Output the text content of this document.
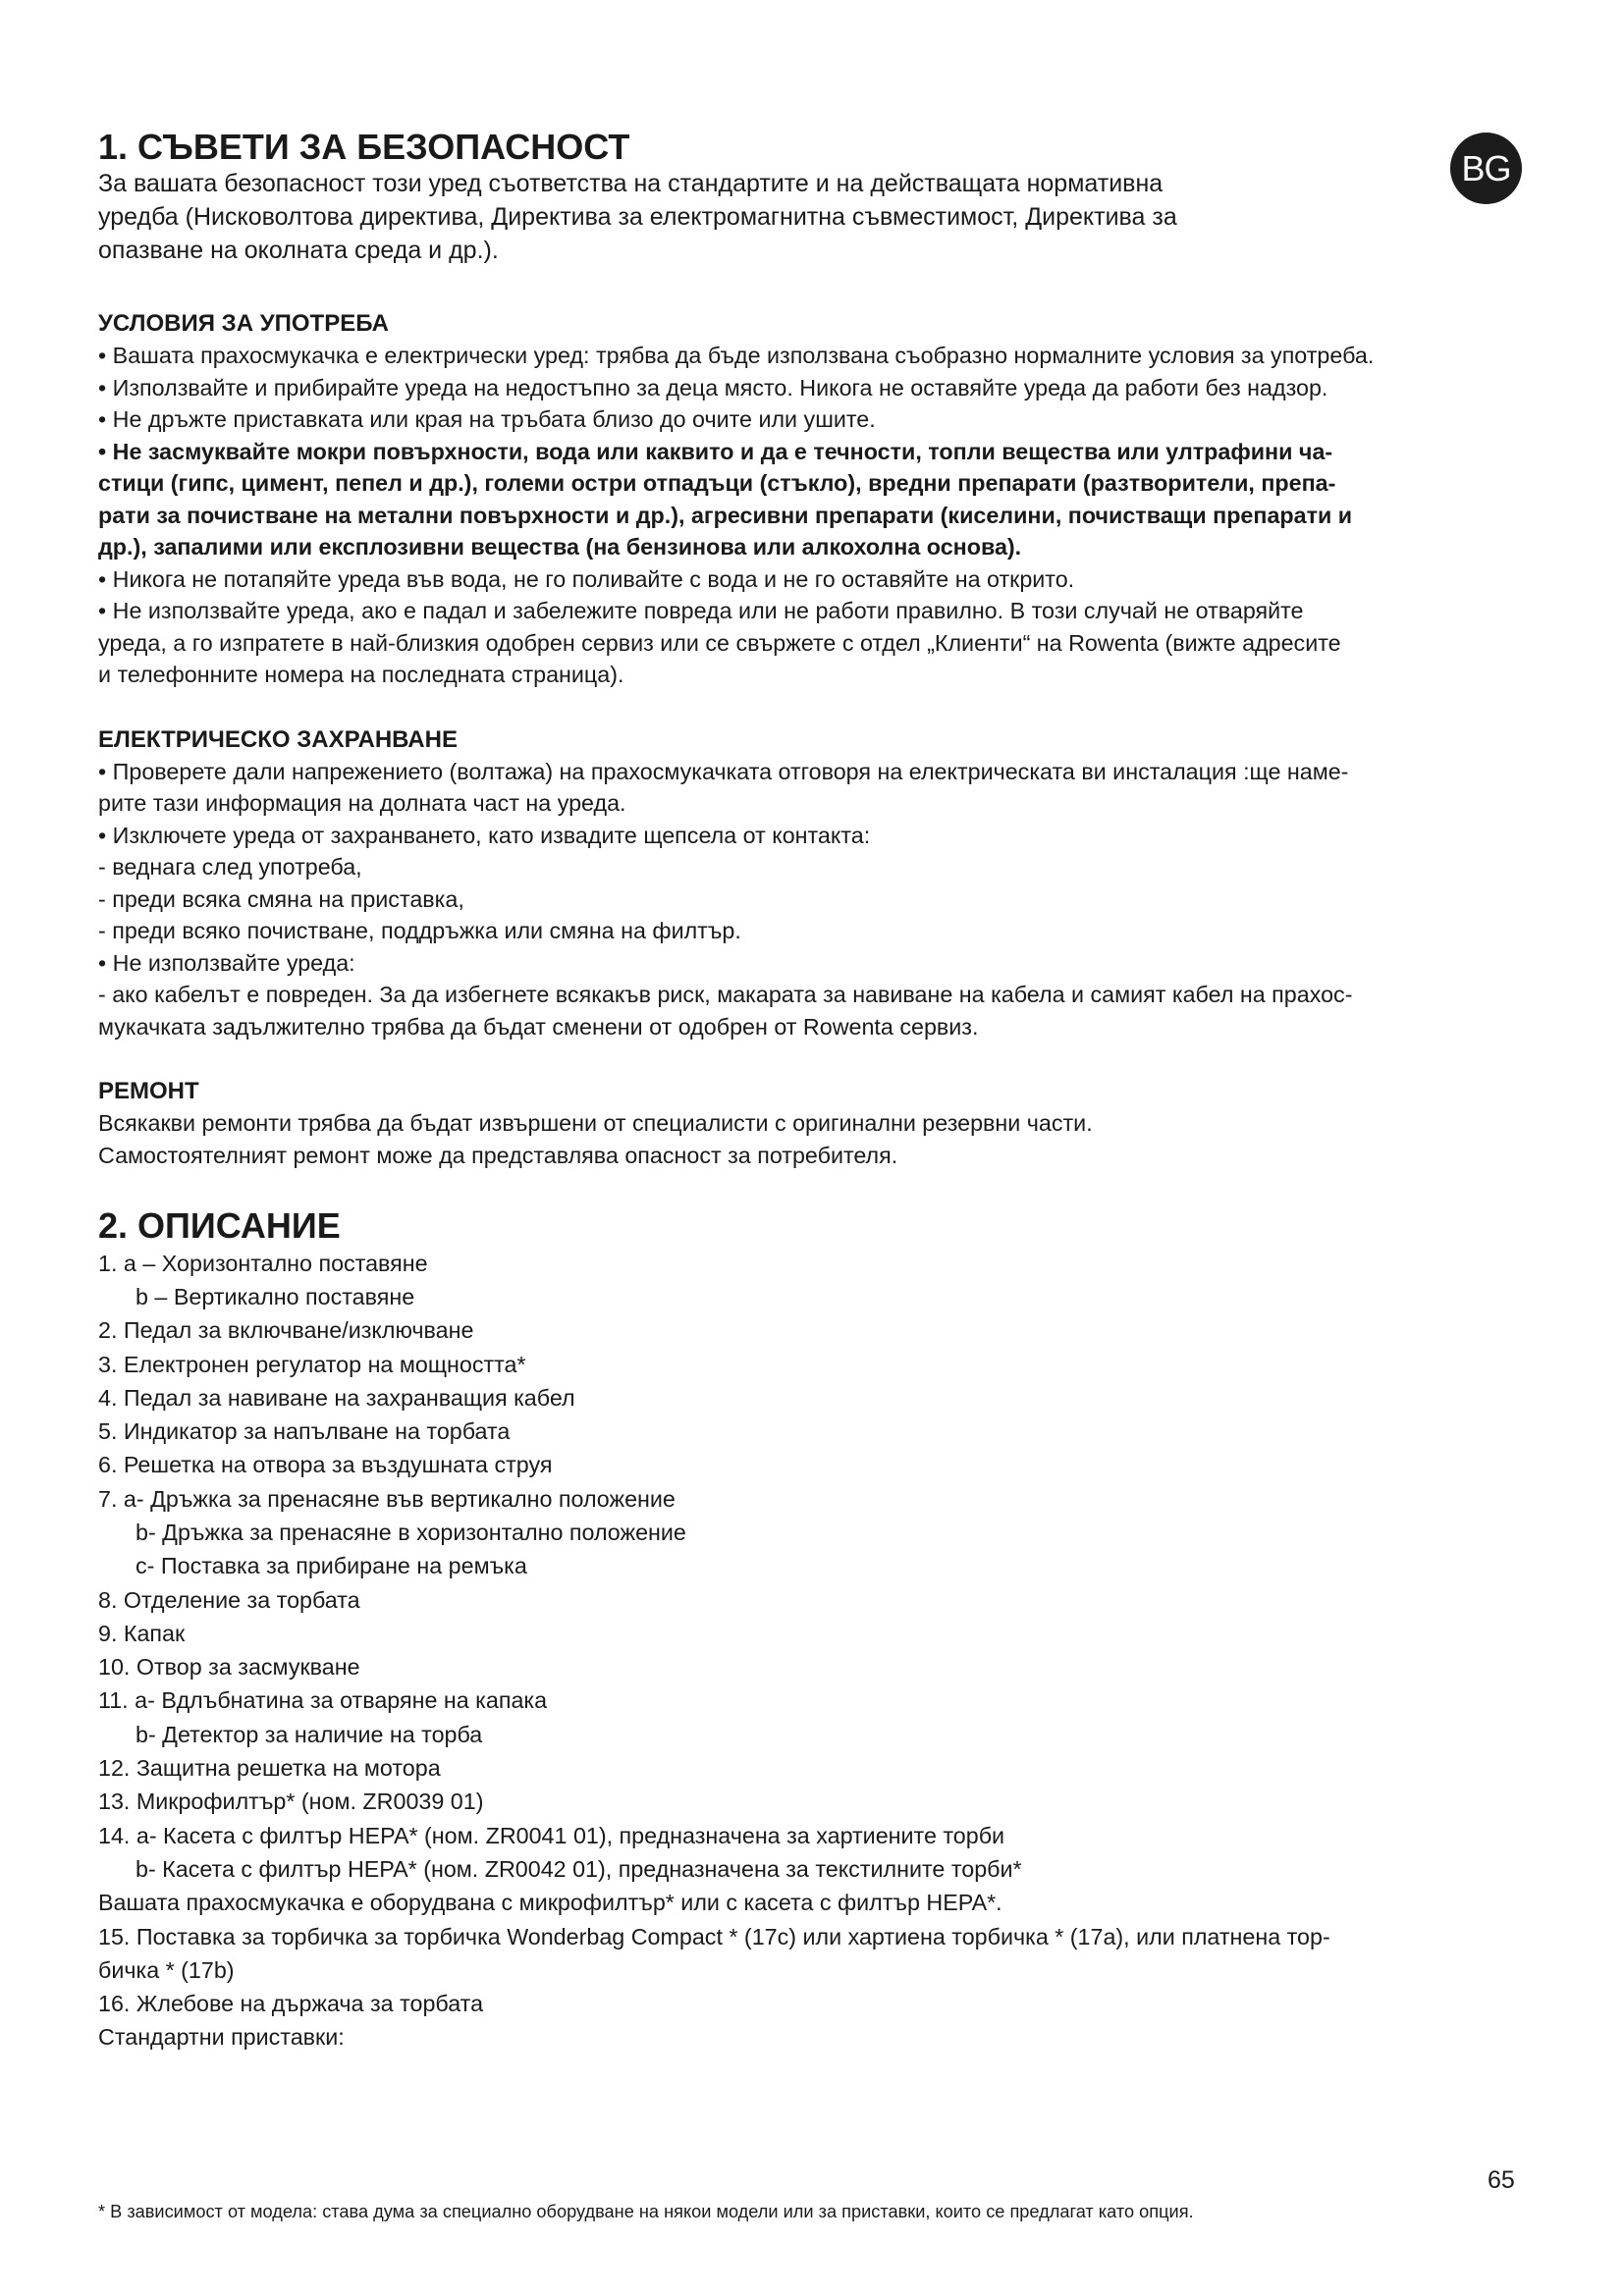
BG
1. СЪВЕТИ ЗА БЕЗОПАСНОСТ

За вашата безопасност този уред съответства на стандартите и на действащата нормативна

уредба (Нисковолтова директива, Директива за електромагнитна съвместимост, Директива за

опазване на околната среда и др.).

УСЛОВИЯ ЗА УПОТРЕБА

• Вашата прахосмукачка е електрически уред: трябва да бъде използвана съобразно нормалните условия за употреба.

• Използвайте и прибирайте уреда на недостъпно за деца място. Никога не оставяйте уреда да работи без надзор.

• Не дръжте приставката или края на тръбата близо до очите или ушите.

• Не засмуквайте мокри повърхности, вода или каквито и да е течности, топли вещества или ултрафини ча-

стици (гипс, цимент, пепел и др.), големи остри отпадъци (стъкло), вредни препарати (разтворители, препа-

рати за почистване на метални повърхности и др.), агресивни препарати (киселини, почистващи препарати и

др.), запалими или експлозивни вещества (на бензинова или алкохолна основа).

• Никога не потапяйте уреда във вода, не го поливайте с вода и не го оставяйте на открито.

• Не използвайте уреда, ако е падал и забележите повреда или не работи правилно. В този случай не отваряйте

уреда, а го изпратете в най-близкия одобрен сервиз или се свържете с отдел „Клиенти“ на Rowenta (вижте адресите

и телефонните номера на последната страница).

ЕЛЕКТРИЧЕСКО ЗАХРАНВАНЕ

• Проверете дали напрежението (волтажа) на прахосмукачката отговоря на електрическата ви инсталация :ще наме-

рите тази информация на долната част на уреда.

• Изключете уреда от захранването, като извадите щепсела от контакта:

- веднага след употреба,

- преди всяка смяна на приставка,

- преди всяко почистване, поддръжка или смяна на филтър.

• Не използвайте уреда:

- ако кабелът е повреден. За да избегнете всякакъв риск, макарата за навиване на кабела и самият кабел на прахос-

мукачката задължително трябва да бъдат сменени от одобрен от Rowenta сервиз.

РЕМОНТ

Всякакви ремонти трябва да бъдат извършени от специалисти с оригинални резервни части.

Самостоятелният ремонт може да представлява опасност за потребителя.

2. ОПИСАНИЕ

1. a – Хоризонтално поставяне

b – Вертикално поставяне

2. Педал за включване/изключване

3. Електронен регулатор на мощността*

4. Педал за навиване на захранващия кабел

5. Индикатор за напълване на торбата

6. Решетка на отвора за въздушната струя

7. a- Дръжка за пренасяне във вертикално положение

b- Дръжка за пренасяне в хоризонтално положение

c- Поставка за прибиране на ремъка

8. Отделение за торбата

9. Капак

10. Отвор за засмукване

11. a- Вдлъбнатина за отваряне на капака

b- Детектор за наличие на торба

12. Защитна решетка на мотора

13. Микрофилтър* (ном. ZR0039 01)

14. a- Касета с филтър HEPA* (ном. ZR0041 01), предназначена за хартиените торби

b- Касета с филтър HEPA* (ном. ZR0042 01), предназначена за текстилните торби*

Вашата прахосмукачка е оборудвана с микрофилтър* или с касета с филтър HEPA*.

15. Поставка за торбичка за торбичка Wonderbag Compact * (17c) или хартиена торбичка * (17a), или платнена тор-

бичка * (17b)

16. Жлебове на държача за торбата

Стандартни приставки:

65
* В зависимост от модела: става дума за специално оборудване на някои модели или за приставки, които се предлагат като опция.
